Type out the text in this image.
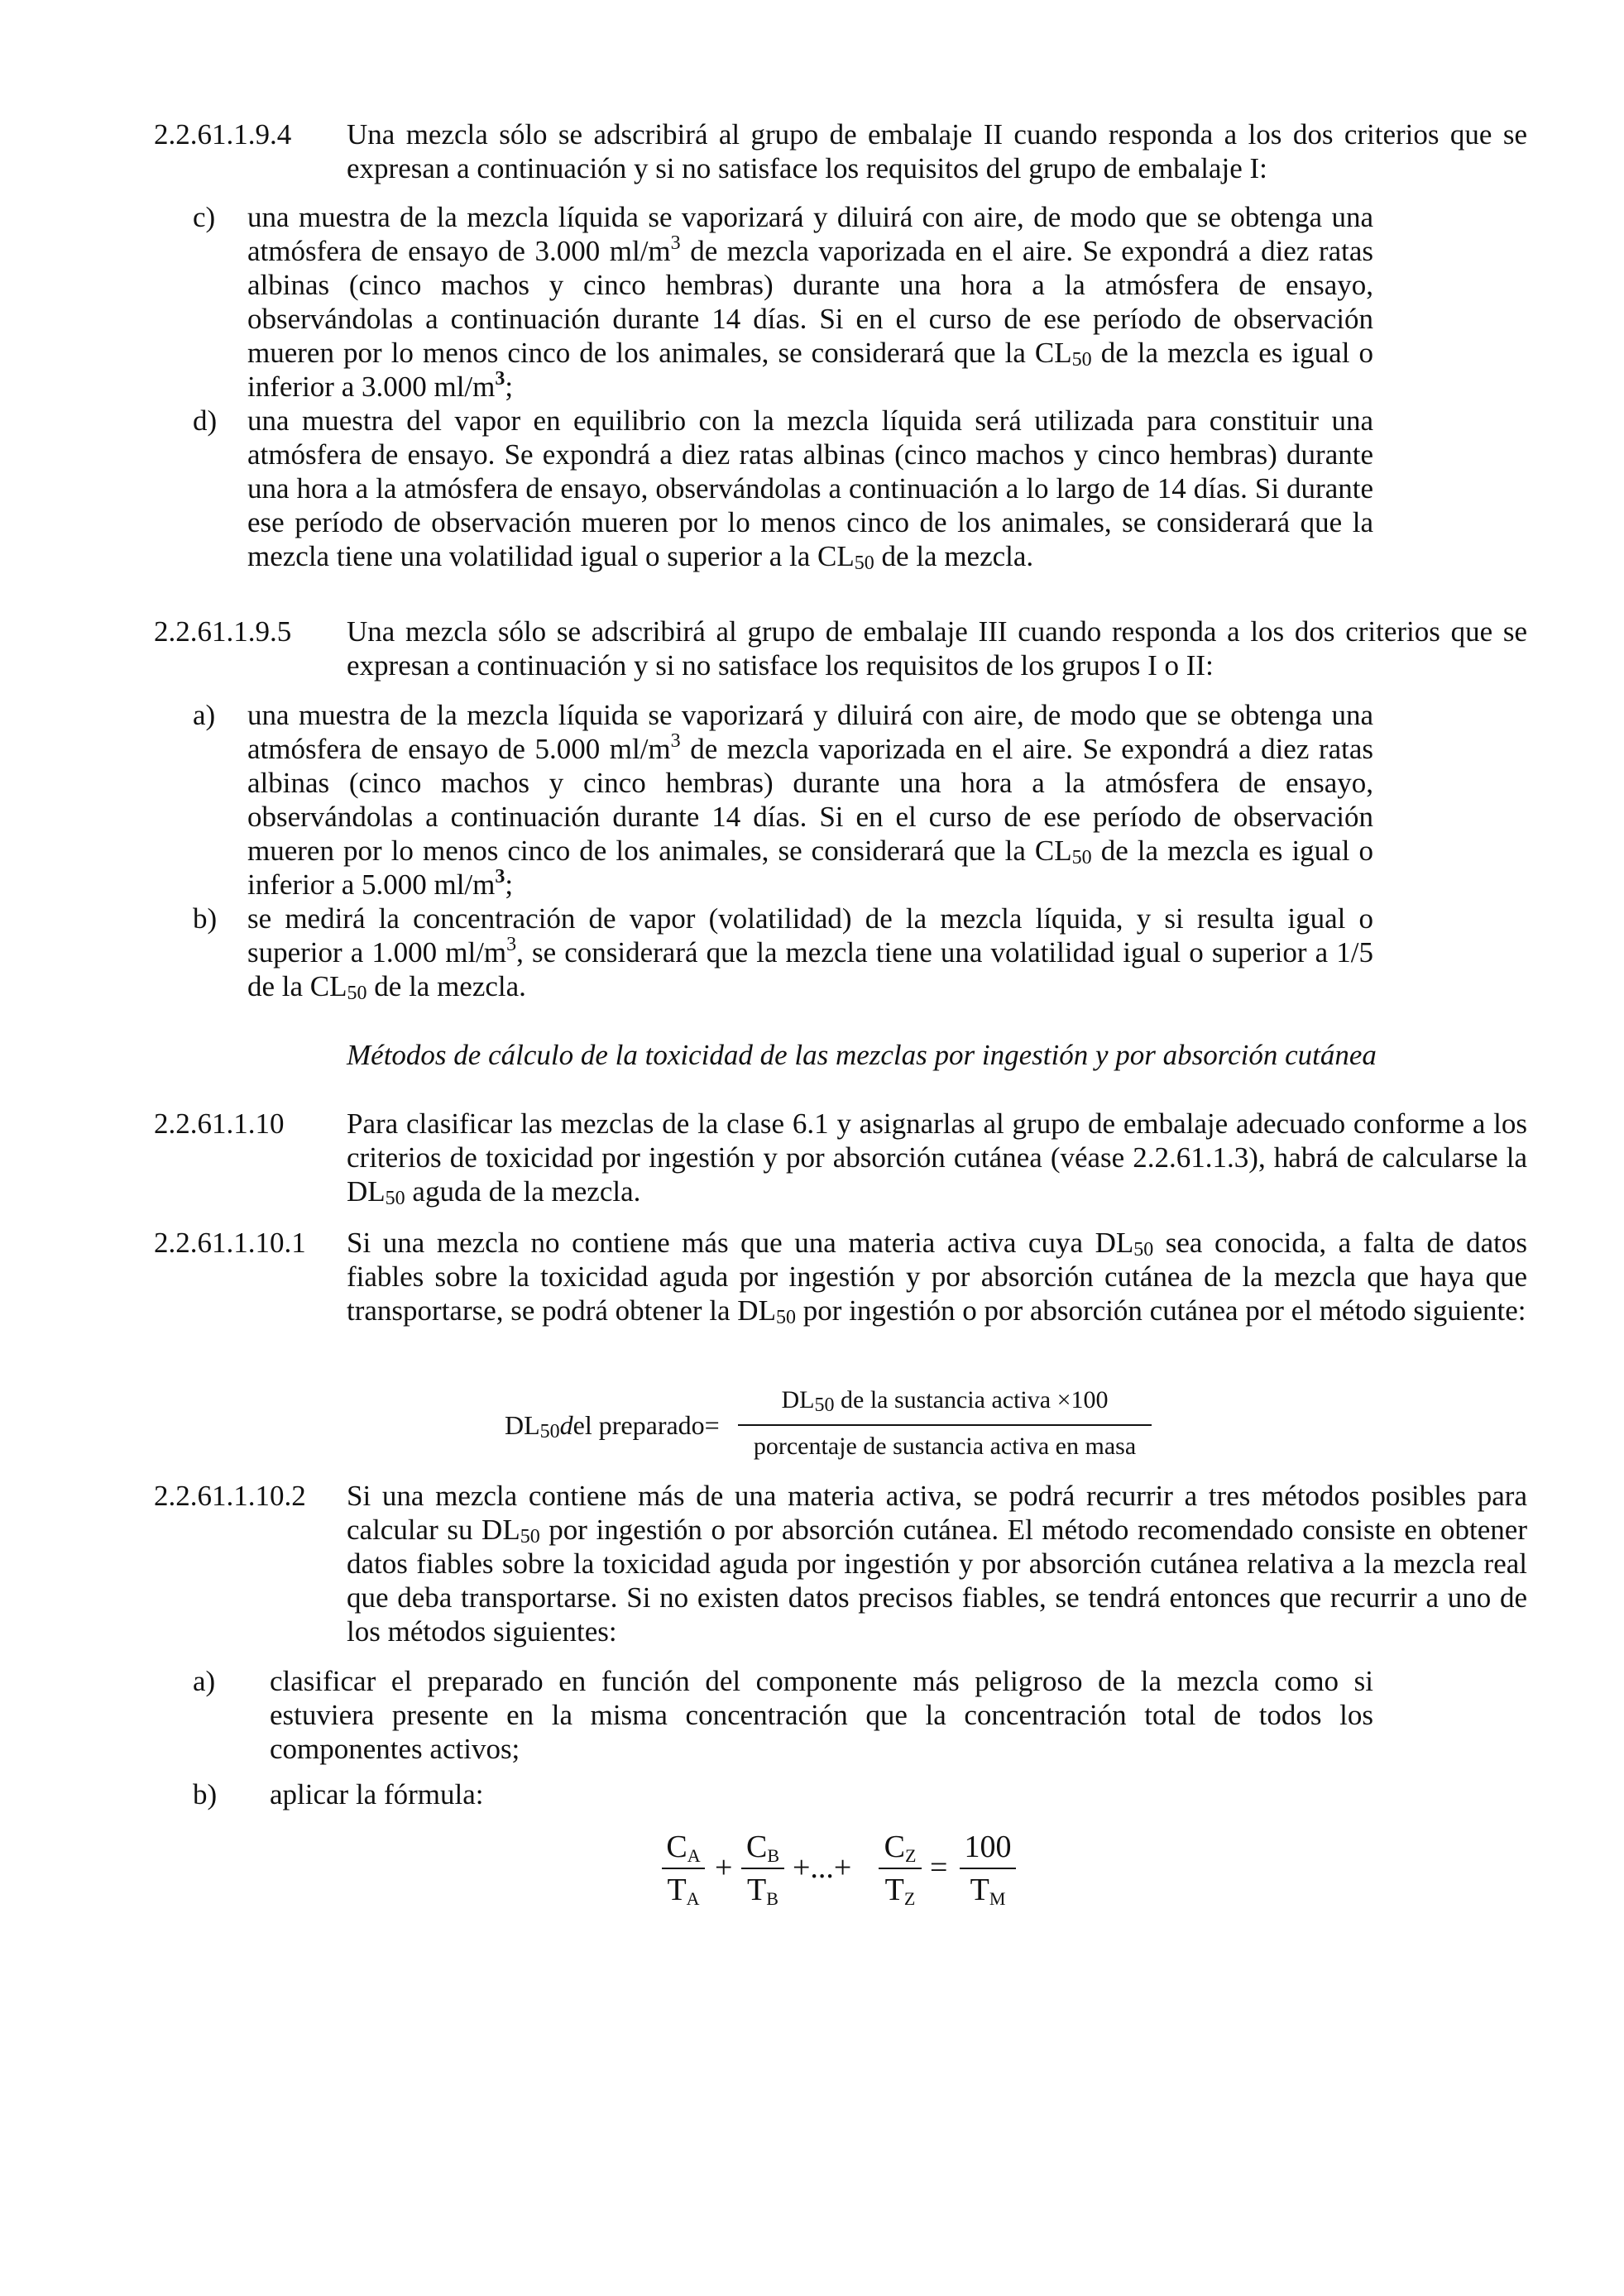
2.2.61.1.9.4 Una mezcla sólo se adscribirá al grupo de embalaje II cuando responda a los dos criterios que se expresan a continuación y si no satisface los requisitos del grupo de embalaje I:

c) una muestra de la mezcla líquida se vaporizará y diluirá con aire, de modo que se obtenga una atmósfera de ensayo de 3.000 $ml/m^3$ de mezcla vaporizada en el aire. Se expondrá a diez ratas albinas (cinco machos y cinco hembras) durante una hora a la atmósfera de ensayo, observándolas a continuación durante 14 días. Si en el curso de ese período de observación mueren por lo menos cinco de los animales, se considerará que la $CL_{50}$ de la mezcla es igual o inferior a 3.000 $ml/m^3$;
d) una muestra del vapor en equilibrio con la mezcla líquida será utilizada para constituir una atmósfera de ensayo. Se expondrá a diez ratas albinas (cinco machos y cinco hembras) durante una hora a la atmósfera de ensayo, observándolas a continuación a lo largo de 14 días. Si durante ese período de observación mueren por lo menos cinco de los animales, se considerará que la mezcla tiene una volatilidad igual o superior a la $CL_{50}$ de la mezcla.
2.2.61.1.9.5 Una mezcla sólo se adscribirá al grupo de embalaje III cuando responda a los dos criterios que se expresan a continuación y si no satisface los requisitos de los grupos I o II:

a) una muestra de la mezcla líquida se vaporizará y diluirá con aire, de modo que se obtenga una atmósfera de ensayo de 5.000 $ml/m^3$ de mezcla vaporizada en el aire. Se expondrá a diez ratas albinas (cinco machos y cinco hembras) durante una hora a la atmósfera de ensayo, observándolas a continuación durante 14 días. Si en el curso de ese período de observación mueren por lo menos cinco de los animales, se considerará que la $CL_{50}$ de la mezcla es igual o inferior a 5.000 $ml/m^3$;
b) se medirá la concentración de vapor (volatilidad) de la mezcla líquida, y si resulta igual o superior a 1.000 $ml/m^3$, se considerará que la mezcla tiene una volatilidad igual o superior a 1/5 de la $CL_{50}$ de la mezcla.
Métodos de cálculo de la toxicidad de las mezclas por ingestión y por absorción cutánea
2.2.61.1.10 Para clasificar las mezclas de la clase 6.1 y asignarlas al grupo de embalaje adecuado conforme a los criterios de toxicidad por ingestión y por absorción cutánea (véase 2.2.61.1.3), habrá de calcularse la $DL_{50}$ aguda de la mezcla.

2.2.61.1.10.1 Si una mezcla no contiene más que una materia activa cuya $DL_{50}$ sea conocida, a falta de datos fiables sobre la toxicidad aguda por ingestión y por absorción cutánea de la mezcla que haya que transportarse, se podrá obtener la $DL_{50}$ por ingestión o por absorción cutánea por el método siguiente:

$DL_{50}del$ preparado=
$DL_{50}$ de la sustancia activa ×100
porcentaje de sustancia activa en masa
2.2.61.1.10.2 Si una mezcla contiene más de una materia activa, se podrá recurrir a tres métodos posibles para calcular su $DL_{50}$ por ingestión o por absorción cutánea. El método recomendado consiste en obtener datos fiables sobre la toxicidad aguda por ingestión y por absorción cutánea relativa a la mezcla real que deba transportarse. Si no existen datos precisos fiables, se tendrá entonces que recurrir a uno de los métodos siguientes:

a) clasificar el preparado en función del componente más peligroso de la mezcla como si estuviera presente en la misma concentración que la concentración total de todos los componentes activos;
b) aplicar la fórmula:
$C_A$
$T_A$
+
$C_B$
$T_B$
+...+
$C_Z$
$T_Z$
=
100
$T_M$
